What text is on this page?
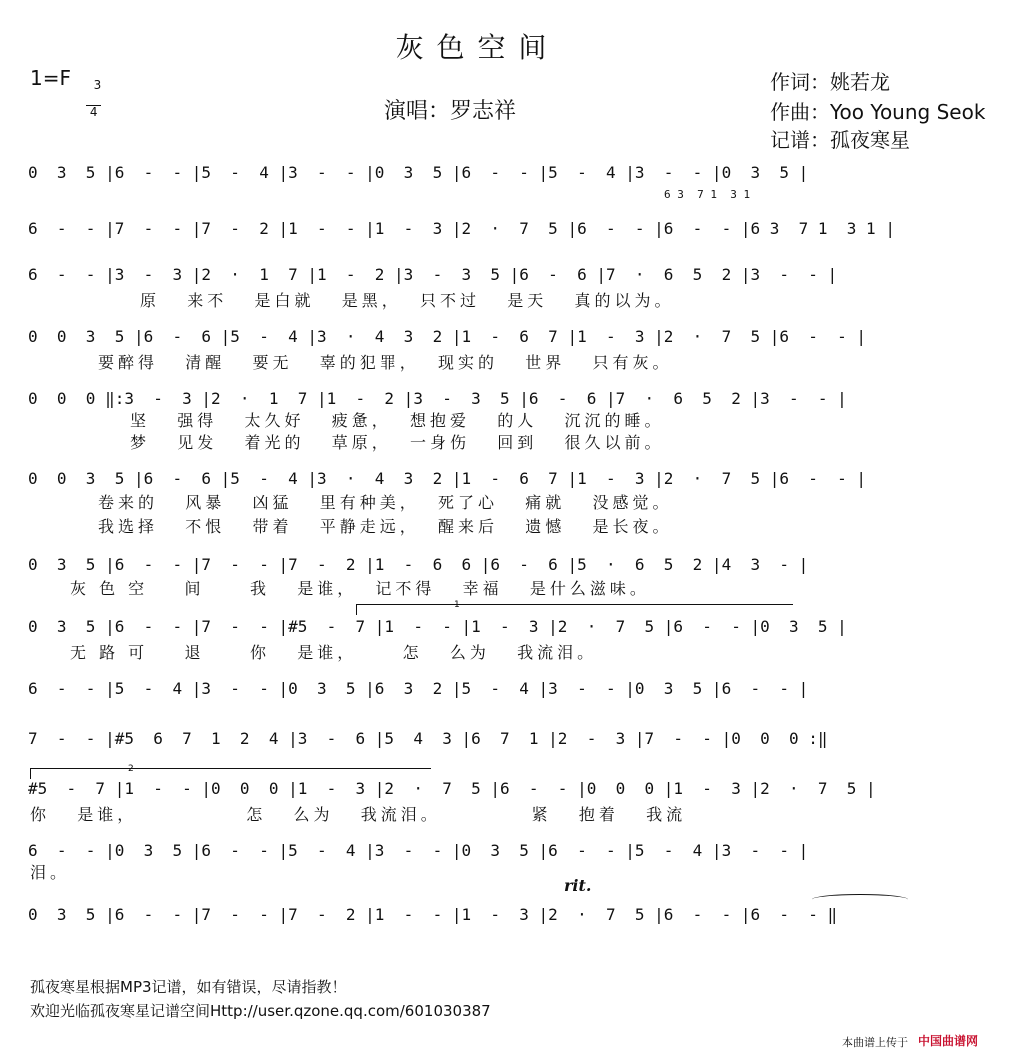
灰 色 空 间
1=F	3

4	演唱：罗志祥
作词：姚若龙
作曲：Yoo Young Seok
记谱：孤夜寒星
0  3  5 |6  -  - |5  -  4 |3  -  - |0  3  5 |6  -  - |5  -  4 |3  -  - |0  3  5 |
6 3  7 1  3 1
6  -  - |7  -  - |7  -  2 |1  -  - |1  -  3 |2  ·  7  5 |6  -  - |6  -  - |6 3  7 1  3 1 |
6  -  - |3  -  3 |2  ·  1  7 |1  -  2 |3  -  3  5 |6  -  6 |7  ·  6  5  2 |3  -  - |
原   来不   是白就   是黑，  只不过   是天   真的以为。
0  0  3  5 |6  -  6 |5  -  4 |3  ·  4  3  2 |1  -  6  7 |1  -  3 |2  ·  7  5 |6  -  - |
要醉得   清醒   要无   辜的犯罪，  现实的   世界   只有灰。
0  0  0 ‖:3  -  3 |2  ·  1  7 |1  -  2 |3  -  3  5 |6  -  6 |7  ·  6  5  2 |3  -  - |
坚   强得   太久好   疲惫，  想抱爱   的人   沉沉的睡。
梦   见发   着光的   草原，  一身伤   回到   很久以前。
0  0  3  5 |6  -  6 |5  -  4 |3  ·  4  3  2 |1  -  6  7 |1  -  3 |2  ·  7  5 |6  -  - |
卷来的   风暴   凶猛   里有种美，  死了心   痛就   没感觉。
我选择   不恨   带着   平静走远，  醒来后   遗憾   是长夜。
0  3  5 |6  -  - |7  -  - |7  -  2 |1  -  6  6 |6  -  6 |5  ·  6  5  2 |4  3  - |
灰 色 空    间     我   是谁，  记不得   幸福   是什么滋味。
1
0  3  5 |6  -  - |7  -  - |#5  -  7 |1  -  - |1  -  3 |2  ·  7  5 |6  -  - |0  3  5 |
无 路 可    退     你   是谁，     怎   么为   我流泪。
6  -  - |5  -  4 |3  -  - |0  3  5 |6  3  2 |5  -  4 |3  -  - |0  3  5 |6  -  - |
7  -  - |#5  6  7  1  2  4 |3  -  6 |5  4  3 |6  7  1 |2  -  3 |7  -  - |0  0  0 :‖
2
#5  -  7 |1  -  - |0  0  0 |1  -  3 |2  ·  7  5 |6  -  - |0  0  0 |1  -  3 |2  ·  7  5 |
你   是谁，            怎   么为   我流泪。          紧   抱着   我流
6  -  - |0  3  5 |6  -  - |5  -  4 |3  -  - |0  3  5 |6  -  - |5  -  4 |3  -  - |
泪。
rit.
0  3  5 |6  -  - |7  -  - |7  -  2 |1  -  - |1  -  3 |2  ·  7  5 |6  -  - |6  -  - ‖
孤夜寒星根据MP3记谱，如有错误，尽请指教！
欢迎光临孤夜寒星记谱空间Http://user.qzone.qq.com/601030387
本曲谱上传于 中国曲谱网
